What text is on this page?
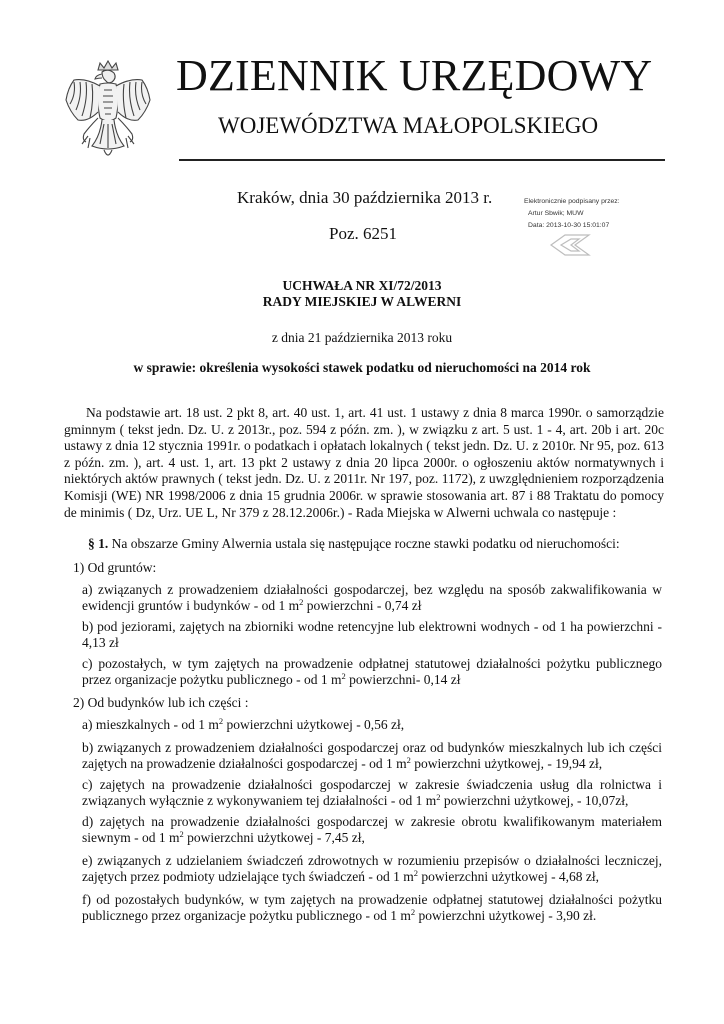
DZIENNIK URZĘDOWY
WOJEWÓDZTWA MAŁOPOLSKIEGO
Kraków, dnia 30 października 2013 r.
Poz. 6251
Elektronicznie podpisany przez:
Artur Sbwik; MUW
Data: 2013-10-30 15:01:07
UCHWAŁA NR XI/72/2013
RADY MIEJSKIEJ W ALWERNI
z dnia 21 października 2013 roku
w sprawie: określenia wysokości stawek podatku od nieruchomości na 2014 rok
Na podstawie art. 18 ust. 2 pkt 8, art. 40 ust. 1, art. 41 ust. 1 ustawy z dnia 8 marca 1990r. o samorządzie gminnym ( tekst jedn. Dz. U. z 2013r., poz. 594 z późn. zm. ), w związku z art. 5 ust. 1 - 4, art. 20b i art. 20c ustawy z dnia 12 stycznia 1991r. o podatkach i opłatach lokalnych ( tekst jedn. Dz. U. z 2010r. Nr 95, poz. 613 z późn. zm. ), art. 4 ust. 1, art. 13 pkt 2 ustawy z dnia 20 lipca 2000r. o ogłoszeniu aktów normatywnych i niektórych aktów prawnych ( tekst jedn. Dz. U. z 2011r. Nr 197, poz. 1172), z uwzględnieniem rozporządzenia Komisji (WE) NR 1998/2006 z dnia 15 grudnia 2006r. w sprawie stosowania art. 87 i 88 Traktatu do pomocy de minimis ( Dz, Urz. UE L, Nr 379 z 28.12.2006r.) - Rada Miejska w Alwerni uchwala co następuje :
§ 1. Na obszarze Gminy Alwernia ustala się następujące roczne stawki podatku od nieruchomości:
1) Od gruntów:
a) związanych z prowadzeniem działalności gospodarczej, bez względu na sposób zakwalifikowania w ewidencji gruntów i budynków - od 1 $m^2$ powierzchni - 0,74 zł
b) pod jeziorami, zajętych na zbiorniki wodne retencyjne lub elektrowni wodnych - od 1 ha powierzchni - 4,13 zł
c) pozostałych, w tym zajętych na prowadzenie odpłatnej statutowej działalności pożytku publicznego przez organizacje pożytku publicznego - od 1 $m^2$ powierzchni- 0,14 zł
2) Od budynków lub ich części :
a) mieszkalnych - od 1 $m^2$ powierzchni użytkowej - 0,56 zł,
b) związanych z prowadzeniem działalności gospodarczej oraz od budynków mieszkalnych lub ich części zajętych na prowadzenie działalności gospodarczej - od 1 $m^2$ powierzchni użytkowej, - 19,94 zł,
c) zajętych na prowadzenie działalności gospodarczej w zakresie świadczenia usług dla rolnictwa i związanych wyłącznie z wykonywaniem tej działalności - od 1 $m^2$ powierzchni użytkowej, - 10,07zł,
d) zajętych na prowadzenie działalności gospodarczej w zakresie obrotu kwalifikowanym materiałem siewnym - od 1 $m^2$ powierzchni użytkowej - 7,45 zł,
e) związanych z udzielaniem świadczeń zdrowotnych w rozumieniu przepisów o działalności leczniczej, zajętych przez podmioty udzielające tych świadczeń - od 1 $m^2$ powierzchni użytkowej - 4,68 zł,
f) od pozostałych budynków, w tym zajętych na prowadzenie odpłatnej statutowej działalności pożytku publicznego przez organizacje pożytku publicznego - od 1 $m^2$ powierzchni użytkowej - 3,90 zł.
